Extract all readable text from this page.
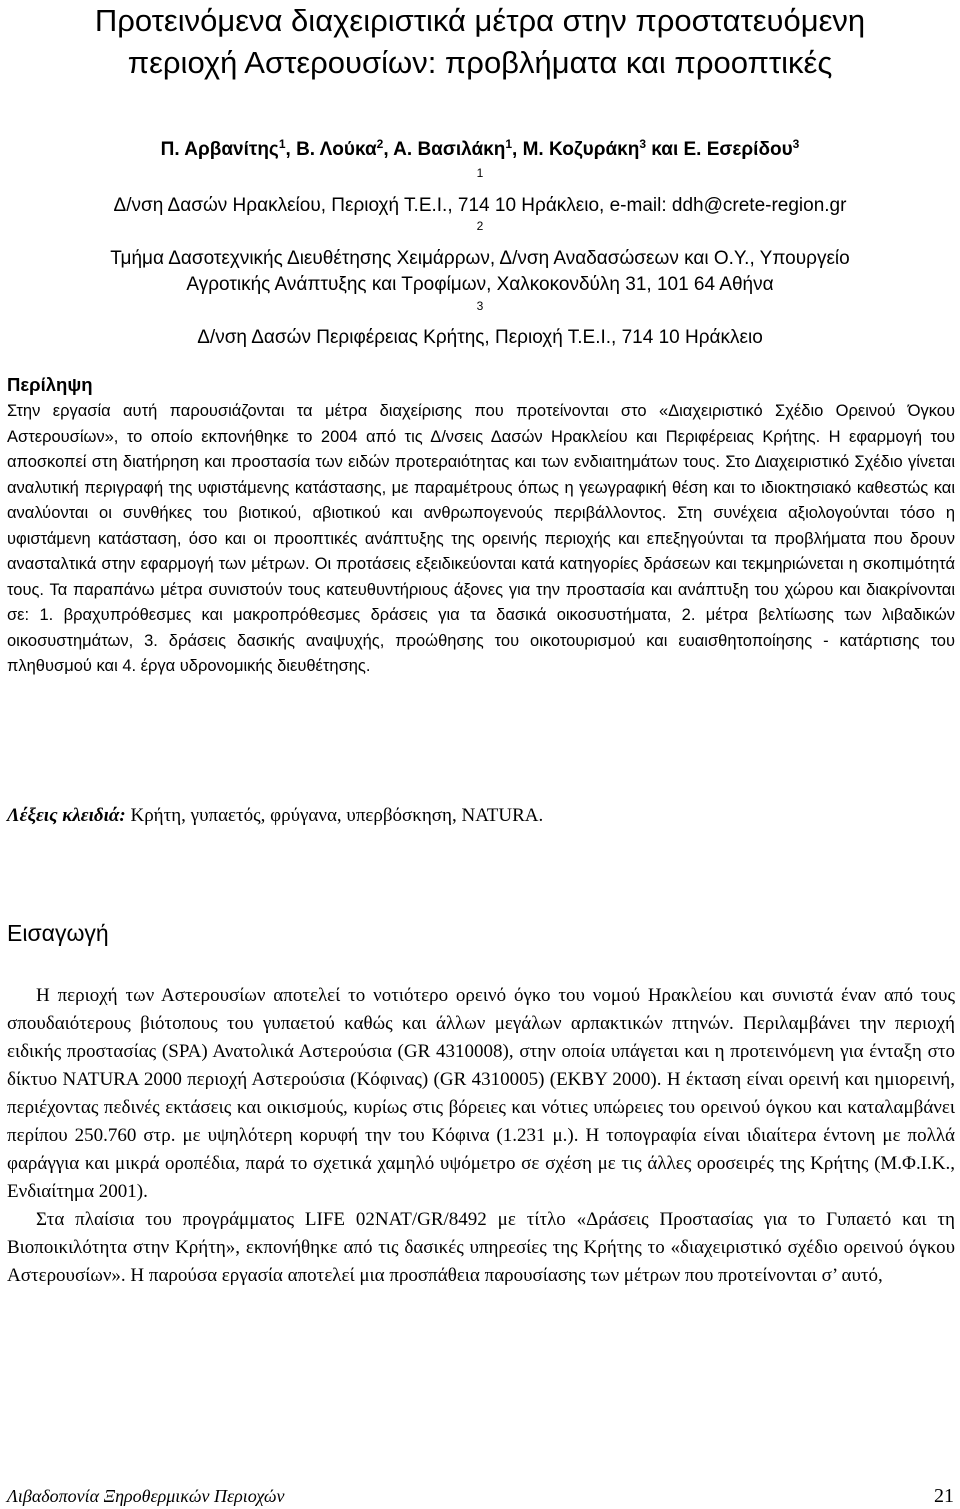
Προτεινόμενα διαχειριστικά μέτρα στην προστατευόμενη
περιοχή Αστερουσίων: προβλήματα και προοπτικές
Π. Αρβανίτης$^1$, Β. Λούκα$^2$, Α. Βασιλάκη$^1$, Μ. Κοζυράκη$^3$ και Ε. Εσερίδου$^3$
$^1$
Δ/νση Δασών Ηρακλείου, Περιοχή Τ.Ε.Ι., 714 10 Ηράκλειο, e-mail: ddh@crete-region.gr
$^2$
Τμήμα Δασοτεχνικής Διευθέτησης Χειμάρρων, Δ/νση Αναδασώσεων και Ο.Υ., Υπουργείο
Αγροτικής Ανάπτυξης και Τροφίμων, Χαλκοκονδύλη 31, 101 64 Αθήνα
$^3$
Δ/νση Δασών Περιφέρειας Κρήτης, Περιοχή Τ.Ε.Ι., 714 10 Ηράκλειο
Περίληψη

Στην εργασία αυτή παρουσιάζονται τα μέτρα διαχείρισης που προτείνονται στο «Διαχειριστικό Σχέδιο Ορεινού Όγκου Αστερουσίων», το οποίο εκπονήθηκε το 2004 από τις Δ/νσεις Δασών Ηρακλείου και Περιφέρειας Κρήτης. Η εφαρμογή του αποσκοπεί στη διατήρηση και προστασία των ειδών προτεραιότητας και των ενδιαιτημάτων τους. Στο Διαχειριστικό Σχέδιο γίνεται αναλυτική περιγραφή της υφιστάμενης κατάστασης, με παραμέτρους όπως η γεωγραφική θέση και το ιδιοκτησιακό καθεστώς και αναλύονται οι συνθήκες του βιοτικού, αβιοτικού και ανθρωπογενούς περιβάλλοντος. Στη συνέχεια αξιολογούνται τόσο η υφιστάμενη κατάσταση, όσο και οι προοπτικές ανάπτυξης της ορεινής περιοχής και επεξηγούνται τα προβλήματα που δρουν ανασταλτικά στην εφαρμογή των μέτρων. Οι προτάσεις εξειδικεύονται κατά κατηγορίες δράσεων και τεκμηριώνεται η σκοπιμότητά τους. Τα παραπάνω μέτρα συνιστούν τους κατευθυντήριους άξονες για την προστασία και ανάπτυξη του χώρου και διακρίνονται σε: 1. βραχυπρόθεσμες και μακροπρόθεσμες δράσεις για τα δασικά οικοσυστήματα, 2. μέτρα βελτίωσης των λιβαδικών οικοσυστημάτων, 3. δράσεις δασικής αναψυχής, προώθησης του οικοτουρισμού και ευαισθητοποίησης - κατάρτισης του πληθυσμού και 4. έργα υδρονομικής διευθέτησης.

Λέξεις κλειδιά: Κρήτη, γυπαετός, φρύγανα, υπερβόσκηση, NATURA.

Εισαγωγή

Η περιοχή των Αστερουσίων αποτελεί το νοτιότερο ορεινό όγκο του νομού Ηρακλείου και συνιστά έναν από τους σπουδαιότερους βιότοπους του γυπαετού καθώς και άλλων μεγάλων αρπακτικών πτηνών. Περιλαμβάνει την περιοχή ειδικής προστασίας (SPA) Ανατολικά Αστερούσια (GR 4310008), στην οποία υπάγεται και η προτεινόμενη για ένταξη στο δίκτυο NATURA 2000 περιοχή Αστερούσια (Κόφινας) (GR 4310005) (ΕΚΒΥ 2000). Η έκταση είναι ορεινή και ημιορεινή, περιέχοντας πεδινές εκτάσεις και οικισμούς, κυρίως στις βόρειες και νότιες υπώρειες του ορεινού όγκου και καταλαμβάνει περίπου 250.760 στρ. με υψηλότερη κορυφή την του Κόφινα (1.231 μ.). Η τοπογραφία είναι ιδιαίτερα έντονη με πολλά φαράγγια και μικρά οροπέδια, παρά το σχετικά χαμηλό υψόμετρο σε σχέση με τις άλλες οροσειρές της Κρήτης (Μ.Φ.Ι.Κ., Ενδιαίτημα 2001).

Στα πλαίσια του προγράμματος LIFE 02NAT/GR/8492 με τίτλο «Δράσεις Προστασίας για το Γυπαετό και τη Βιοποικιλότητα στην Κρήτη», εκπονήθηκε από τις δασικές υπηρεσίες της Κρήτης το «διαχειριστικό σχέδιο ορεινού όγκου Αστερουσίων». Η παρούσα εργασία αποτελεί μια προσπάθεια παρουσίασης των μέτρων που προτείνονται σ’ αυτό,

Λιβαδοπονία Ξηροθερμικών Περιοχών	21
